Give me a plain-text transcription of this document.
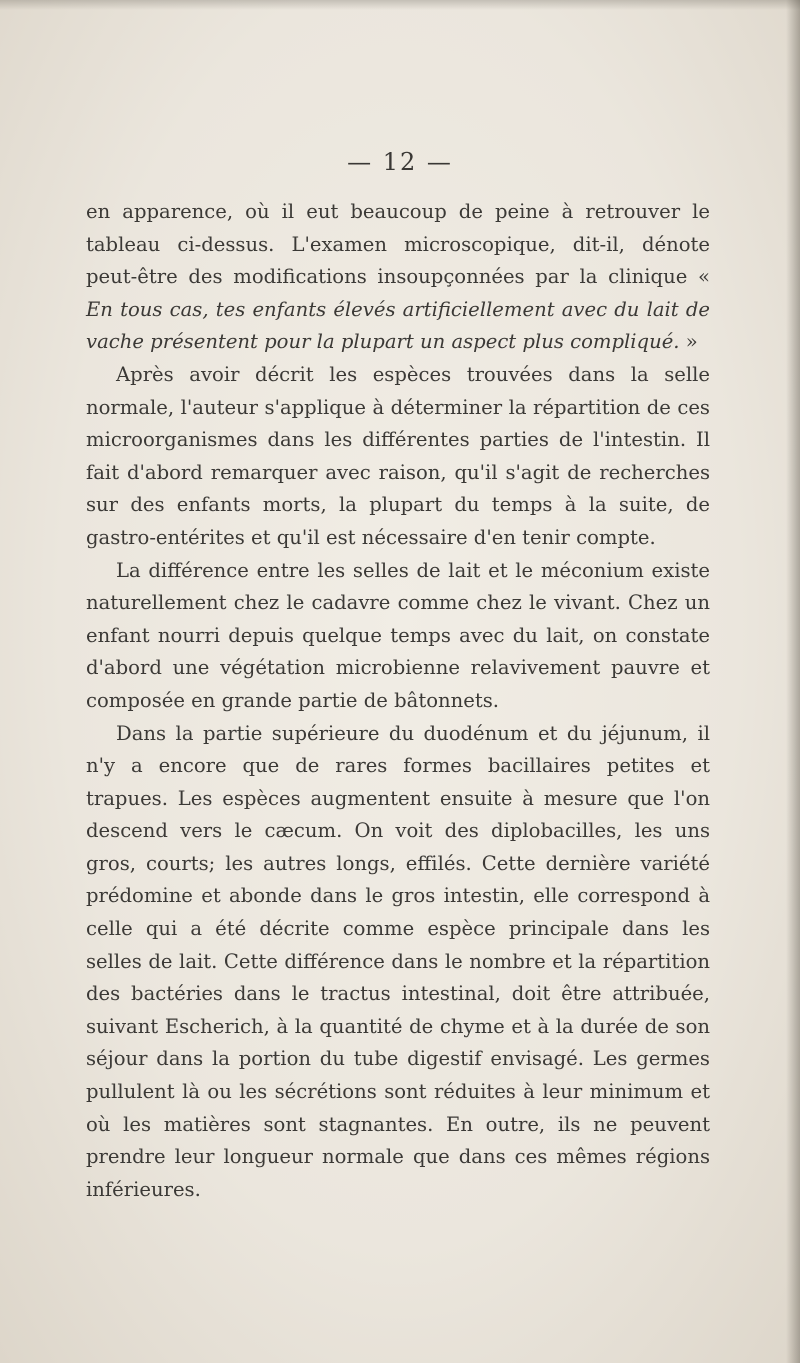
— 12 —

en apparence, où il eut beaucoup de peine à retrouver le tableau ci-dessus. L'examen microscopique, dit-il, dénote peut-être des modifications insoupçonnées par la clinique « En tous cas, tes enfants élevés artificiellement avec du lait de vache présentent pour la plupart un aspect plus compliqué. »

Après avoir décrit les espèces trouvées dans la selle normale, l'auteur s'applique à déterminer la répartition de ces microorganismes dans les différentes parties de l'intestin. Il fait d'abord remarquer avec raison, qu'il s'agit de recherches sur des enfants morts, la plupart du temps à la suite, de gastro-entérites et qu'il est nécessaire d'en tenir compte.

La différence entre les selles de lait et le méconium existe naturellement chez le cadavre comme chez le vivant. Chez un enfant nourri depuis quelque temps avec du lait, on constate d'abord une végétation microbienne relavivement pauvre et composée en grande partie de bâtonnets.

Dans la partie supérieure du duodénum et du jéjunum, il n'y a encore que de rares formes bacillaires petites et trapues. Les espèces augmentent ensuite à mesure que l'on descend vers le cæcum. On voit des diplobacilles, les uns gros, courts; les autres longs, effilés. Cette dernière variété prédomine et abonde dans le gros intestin, elle correspond à celle qui a été décrite comme espèce principale dans les selles de lait. Cette différence dans le nombre et la répartition des bactéries dans le tractus intestinal, doit être attribuée, suivant Escherich, à la quantité de chyme et à la durée de son séjour dans la portion du tube digestif envisagé. Les germes pullulent là ou les sécrétions sont réduites à leur minimum et où les matières sont stagnantes. En outre, ils ne peuvent prendre leur longueur normale que dans ces mêmes régions inférieures.
